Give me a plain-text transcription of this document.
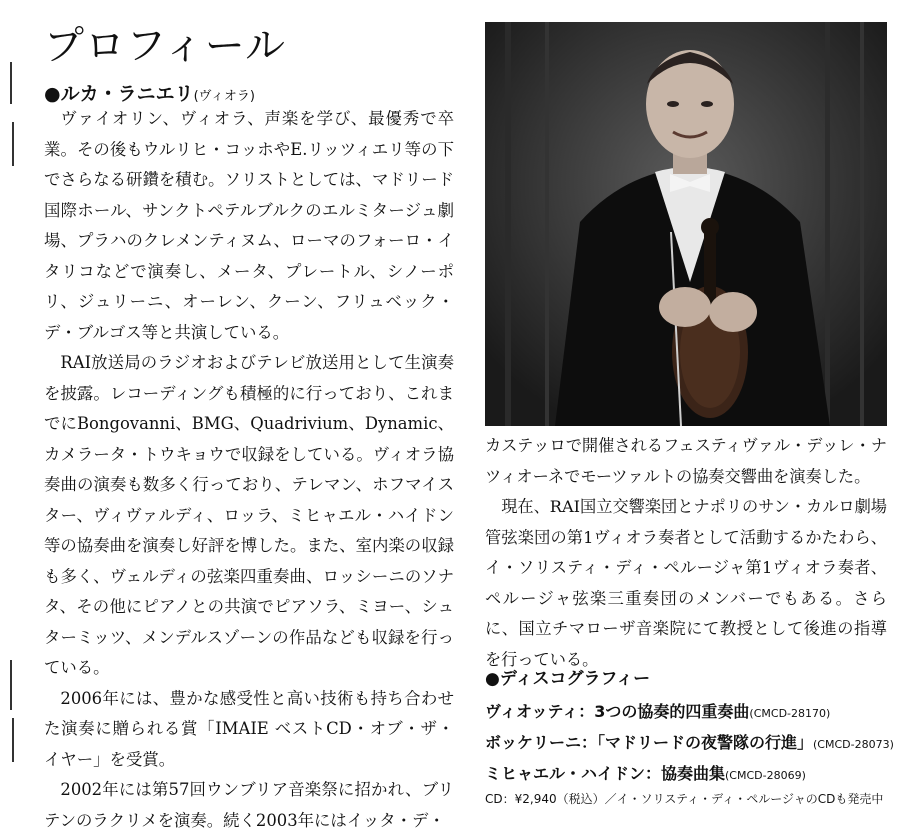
プロフィール
●ルカ・ラニエリ(ヴィオラ)

ヴァイオリン、ヴィオラ、声楽を学び、最優秀で卒業。その後もウルリヒ・コッホやE.リッツィエリ等の下でさらなる研鑽を積む。ソリストとしては、マドリード国際ホール、サンクトペテルブルクのエルミタージュ劇場、プラハのクレメンティヌム、ローマのフォーロ・イタリコなどで演奏し、メータ、プレートル、シノーポリ、ジュリーニ、オーレン、クーン、フリュベック・デ・ブルゴス等と共演している。

RAI放送局のラジオおよびテレビ放送用として生演奏を披露。レコーディングも積極的に行っており、これまでにBongovanni、BMG、Quadrivium、Dynamic、カメラータ・トウキョウで収録をしている。ヴィオラ協奏曲の演奏も数多く行っており、テレマン、ホフマイスター、ヴィヴァルディ、ロッラ、ミヒャエル・ハイドン等の協奏曲を演奏し好評を博した。また、室内楽の収録も多く、ヴェルディの弦楽四重奏曲、ロッシーニのソナタ、その他にピアノとの共演でピアソラ、ミヨー、シュターミッツ、メンデルスゾーンの作品なども収録を行っている。

2006年には、豊かな感受性と高い技術も持ち合わせた演奏に贈られる賞「IMAIE ベストCD・オブ・ザ・イヤー」を受賞。

2002年には第57回ウンブリア音楽祭に招かれ、ブリテンのラクリメを演奏。続く2003年にはイッタ・デ・

カステッロで開催されるフェスティヴァル・デッレ・ナツィオーネでモーツァルトの協奏交響曲を演奏した。

現在、RAI国立交響楽団とナポリのサン・カルロ劇場管弦楽団の第1ヴィオラ奏者として活動するかたわら、イ・ソリスティ・ディ・ペルージャ第1ヴィオラ奏者、ペルージャ弦楽三重奏団のメンバーでもある。さらに、国立チマローザ音楽院にて教授として後進の指導を行っている。

●ディスコグラフィー
ヴィオッティ：3つの協奏的四重奏曲(CMCD-28170)
ボッケリーニ：「マドリードの夜警隊の行進」(CMCD-28073)
ミヒャエル・ハイドン：協奏曲集(CMCD-28069)
CD：¥2,940（税込）／イ・ソリスティ・ディ・ペルージャのCDも発売中
